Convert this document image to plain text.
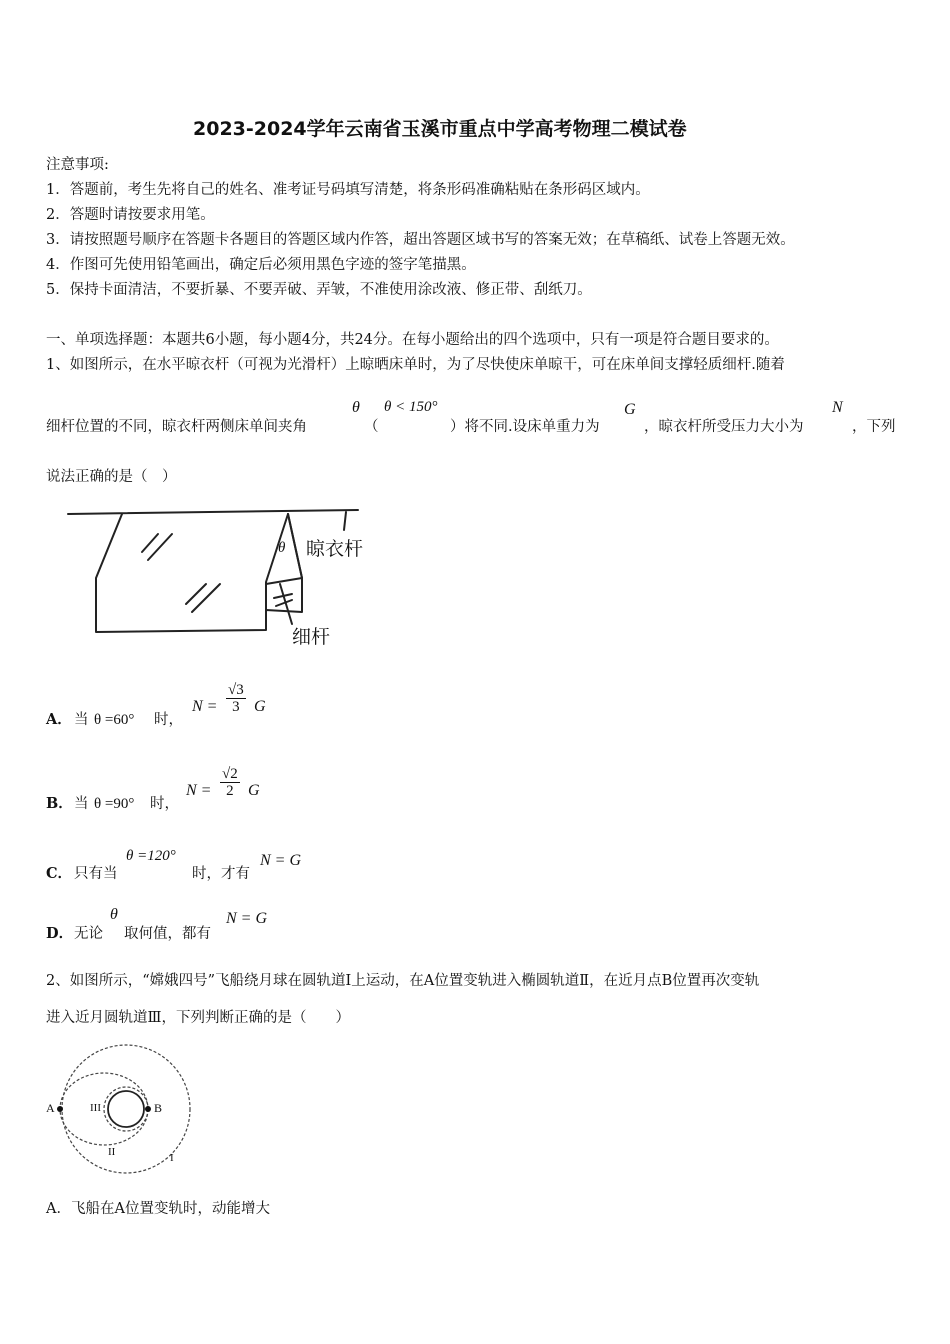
2023-2024学年云南省玉溪市重点中学高考物理二模试卷
注意事项:
1．答题前，考生先将自己的姓名、准考证号码填写清楚，将条形码准确粘贴在条形码区域内。
2．答题时请按要求用笔。
3．请按照题号顺序在答题卡各题目的答题区域内作答，超出答题区域书写的答案无效；在草稿纸、试卷上答题无效。
4．作图可先使用铅笔画出，确定后必须用黑色字迹的签字笔描黑。
5．保持卡面清洁，不要折暴、不要弄破、弄皱，不准使用涂改液、修正带、刮纸刀。
一、单项选择题：本题共6小题，每小题4分，共24分。在每小题给出的四个选项中，只有一项是符合题目要求的。
1、如图所示，在水平晾衣杆（可视为光滑杆）上晾晒床单时，为了尽快使床单晾干，可在床单间支撑轻质细杆.随着
细杆位置的不同，晾衣杆两侧床单间夹角
θ
（
θ < 150°
）将不同.设床单重力为
G
，晾衣杆所受压力大小为
N
，下列
说法正确的是（　）
θ 晾衣杆
细杆
A． 当 θ =60° 时，
$N = \frac{√3}{3}$ G
B． 当 θ =90° 时，
$N = \frac{√2}{2}$ G
C． 只有当
θ =120°
时，才有
N = G
D． 无论
θ
取何值，都有
N = G
2、如图所示，“嫦娥四号”飞船绕月球在圆轨道Ⅰ上运动，在A位置变轨进入椭圆轨道Ⅱ，在近月点B位置再次变轨
进入近月圆轨道Ⅲ，下列判断正确的是（　　）
A	B
III
II	I
A．飞船在A位置变轨时，动能增大
